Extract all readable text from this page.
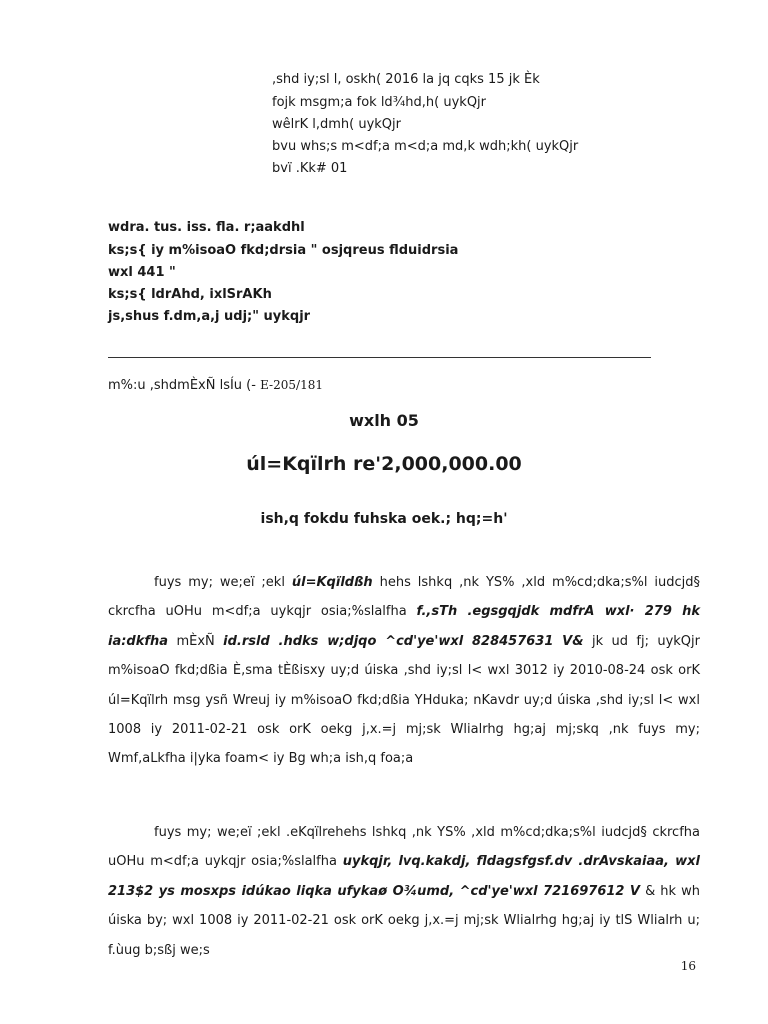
,shd iy;sl l, oskh( 2016 la jq cqks 15 jk Èk
fojk msgm;a fok ld¾hd,h( uykQjr
wêlrK l,dmh( uykQjr
bvu whs;s m<df;a m<d;a md,k wdh;kh( uykQjr
bvï .Kk# 01
wdra. tus. iss. fla. r;aakdhl
ks;s{ iy m%isoaO fkd;drsia " osjqreus flduidrsia
wxl 441 "
ks;s{ ldrAhd, ixlSrAKh
js,shus f.dm,a,j udj;" uykqjr
m%:u ,shdmÈxÑ lsÍu (- E-205/181
wxlh 05
úl=Kqïlrh re'2,000,000.00
ish,q fokdu fuhska oek.; hq;=h'

fuys my; we;eï ;ekl úl=Kqïldßh hehs lshkq ,nk YS% ,xld m%cd;dka;s%l iudcjd§ ckrcfha uOHu m<df;a uykqjr osia;%slalfha f.,sTh .egsgqjdk mdfrA wxl· 279 hk ia:dkfha mÈxÑ id.rsld .hdks w;djqo ^cd'ye'wxl 828457631 V& jk ud fj; uykQjr m%isoaO fkd;dßia È,sma tÈßisxy uy;d úiska ,shd iy;sl l< wxl 3012 iy 2010-08-24 osk orK úl=Kqïlrh msg ysñ Wreuj iy m%isoaO fkd;dßia YHduka; nKavdr uy;d úiska ,shd iy;sl l< wxl 1008 iy 2011-02-21 osk orK oekg j,x.=j mj;sk Wlialrhg hg;aj mj;skq ,nk fuys my; Wmf,aLkfha i|yka foam< iy Bg wh;a ish,q foa;a

fuys my; we;eï ;ekl .eKqïlrehehs lshkq ,nk YS% ,xld m%cd;dka;s%l iudcjd§ ckrcfha uOHu m<df;a uykqjr osia;%slalfha uykqjr, lvq.kakdj, fldagsfgsf.dv .drAvskaiaa, wxl 213$2 ys mosxps idúkao liqka ufykaø O¾umd, ^cd'ye'wxl 721697612 V & hk wh úiska by; wxl 1008 iy 2011-02-21 osk orK oekg j,x.=j mj;sk Wlialrhg hg;aj iy tlS Wlialrh u; f.ùug b;sßj we;s

16
